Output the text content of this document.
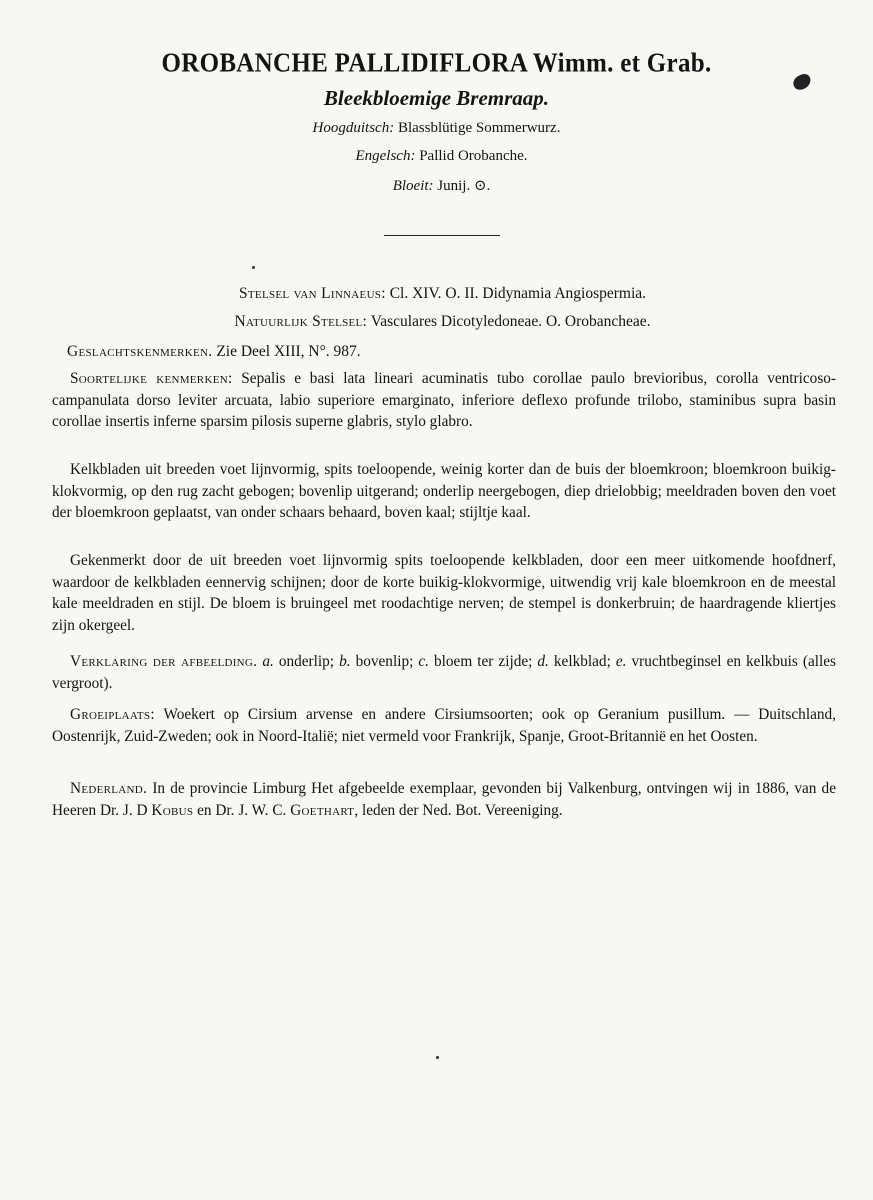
OROBANCHE PALLIDIFLORA Wimm. et Grab.
Bleekbloemige Bremraap.
Hoogduitsch: Blassblütige Sommerwurz.
Engelsch: Pallid Orobanche.
Bloeit: Junij. ⊙.
Stelsel van Linnaeus: Cl. XIV. O. II. Didynamia Angiospermia.
Natuurlijk Stelsel: Vasculares Dicotyledoneae. O. Orobancheae.
Geslachtskenmerken. Zie Deel XIII, N°. 987.
Soortelijke kenmerken: Sepalis e basi lata lineari acuminatis tubo corollae paulo brevioribus, corolla ventricoso-campanulata dorso leviter arcuata, labio superiore emarginato, inferiore deflexo profunde trilobo, staminibus supra basin corollae insertis inferne sparsim pilosis superne glabris, stylo glabro.
Kelkbladen uit breeden voet lijnvormig, spits toeloopende, weinig korter dan de buis der bloemkroon; bloemkroon buikig-klokvormig, op den rug zacht gebogen; bovenlip uitgerand; onderlip neergebogen, diep drielobbig; meeldraden boven den voet der bloemkroon geplaatst, van onder schaars behaard, boven kaal; stijltje kaal.
Gekenmerkt door de uit breeden voet lijnvormig spits toeloopende kelkbladen, door een meer uitkomende hoofdnerf, waardoor de kelkbladen eennervig schijnen; door de korte buikig-klokvormige, uitwendig vrij kale bloemkroon en de meestal kale meeldraden en stijl. De bloem is bruingeel met roodachtige nerven; de stempel is donkerbruin; de haardragende kliertjes zijn okergeel.
Verklaring der afbeelding. a. onderlip; b. bovenlip; c. bloem ter zijde; d. kelkblad; e. vruchtbeginsel en kelkbuis (alles vergroot).
Groeiplaats: Woekert op Cirsium arvense en andere Cirsiumsoorten; ook op Geranium pusillum. — Duitschland, Oostenrijk, Zuid-Zweden; ook in Noord-Italië; niet vermeld voor Frankrijk, Spanje, Groot-Britannië en het Oosten.
Nederland. In de provincie Limburg Het afgebeelde exemplaar, gevonden bij Valkenburg, ontvingen wij in 1886, van de Heeren Dr. J. D Kobus en Dr. J. W. C. Goethart, leden der Ned. Bot. Vereeniging.
